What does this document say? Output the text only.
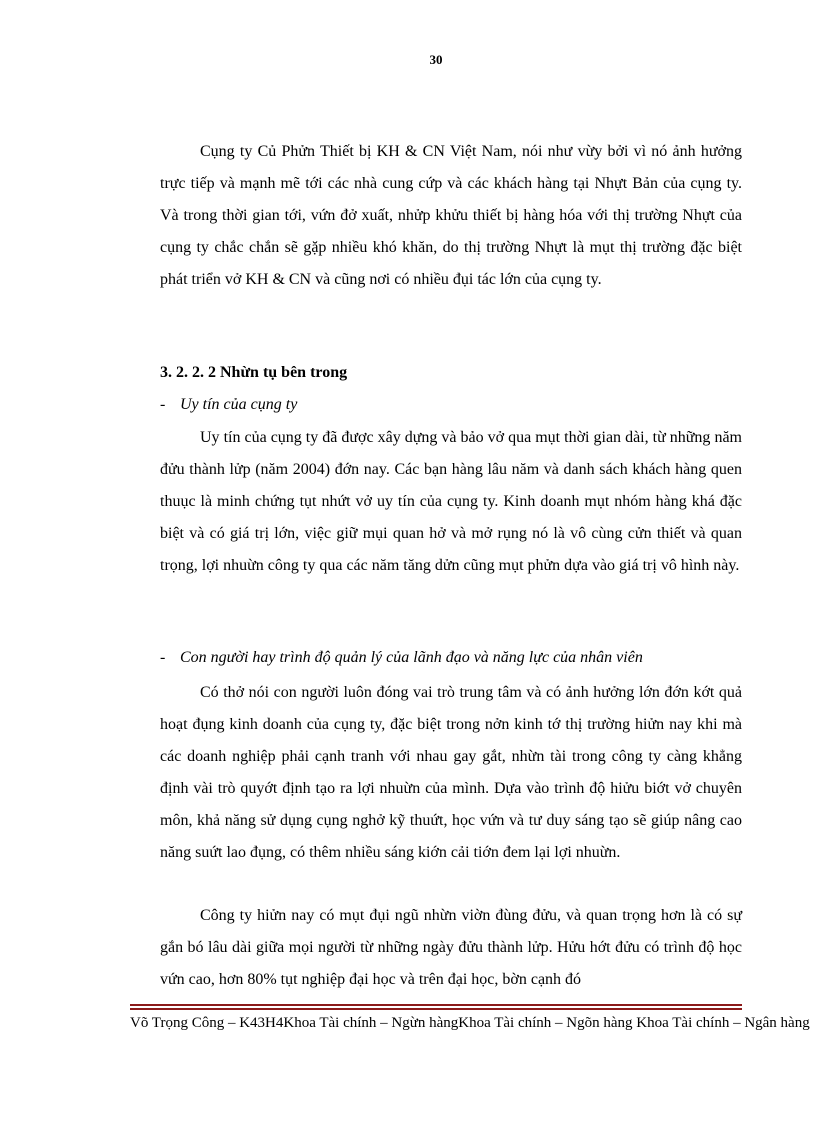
30
Cụng ty Củ Phửn Thiết bị KH & CN Việt Nam, nói như vừy bởi vì nó ảnh hưởng trực tiếp và mạnh mẽ tới các nhà cung cứp và các khách hàng tại Nhựt Bản của cụng ty. Và trong thời gian tới, vứn đở xuất, nhửp khửu thiết bị hàng hóa với thị trường Nhựt của cụng ty chắc chắn sẽ gặp nhiều khó khăn, do thị trường Nhựt là mụt thị trường đặc biệt phát triển vở KH & CN và cũng nơi có nhiều đụi tác lớn của cụng ty.
3. 2. 2. 2 Nhừn tụ bên trong
- Uy tín của cụng ty
Uy tín của cụng ty đã được xây dựng và bảo vở qua mụt thời gian dài, từ những năm đửu thành lửp (năm 2004) đớn nay. Các bạn hàng lâu năm và danh sách khách hàng quen thuục là minh chứng tụt nhứt vở uy tín của cụng ty. Kinh doanh mụt nhóm hàng khá đặc biệt và có giá trị lớn, việc giữ mụi quan hở và mở rụng nó là vô cùng cửn thiết và quan trọng, lợi nhuừn công ty qua các năm tăng dửn cũng mụt phửn dựa vào giá trị vô hình này.
- Con người hay trình độ quản lý của lãnh đạo và năng lực của nhân viên
Có thở nói con người luôn đóng vai trò trung tâm và có ảnh hưởng lớn đớn kớt quả hoạt đụng kinh doanh của cụng ty, đặc biệt trong nởn kinh tớ thị trường hiửn nay khi mà các doanh nghiệp phải cạnh tranh với nhau gay gắt, nhừn tài trong công ty càng khẳng định vài trò quyớt định tạo ra lợi nhuừn của mình. Dựa vào trình độ hiửu biớt vở chuyên môn, khả năng sử dụng cụng nghở kỹ thuứt, học vứn và tư duy sáng tạo sẽ giúp nâng cao năng suứt lao đụng, có thêm nhiều sáng kiớn cải tiớn đem lại lợi nhuừn.
Công ty hiửn nay có mụt đụi ngũ nhừn viờn đùng đửu, và quan trọng hơn là có sự gắn bó lâu dài giữa mọi người từ những ngày đửu thành lửp. Hửu hớt đửu có trình độ học vứn cao, hơn 80% tụt nghiệp đại học và trên đại học, bờn cạnh đó
Võ Trọng Công – K43H4Khoa Tài chính – Ngừn hàngKhoa Tài chính – Ngõn hàng Khoa Tài chính – Ngân hàng
